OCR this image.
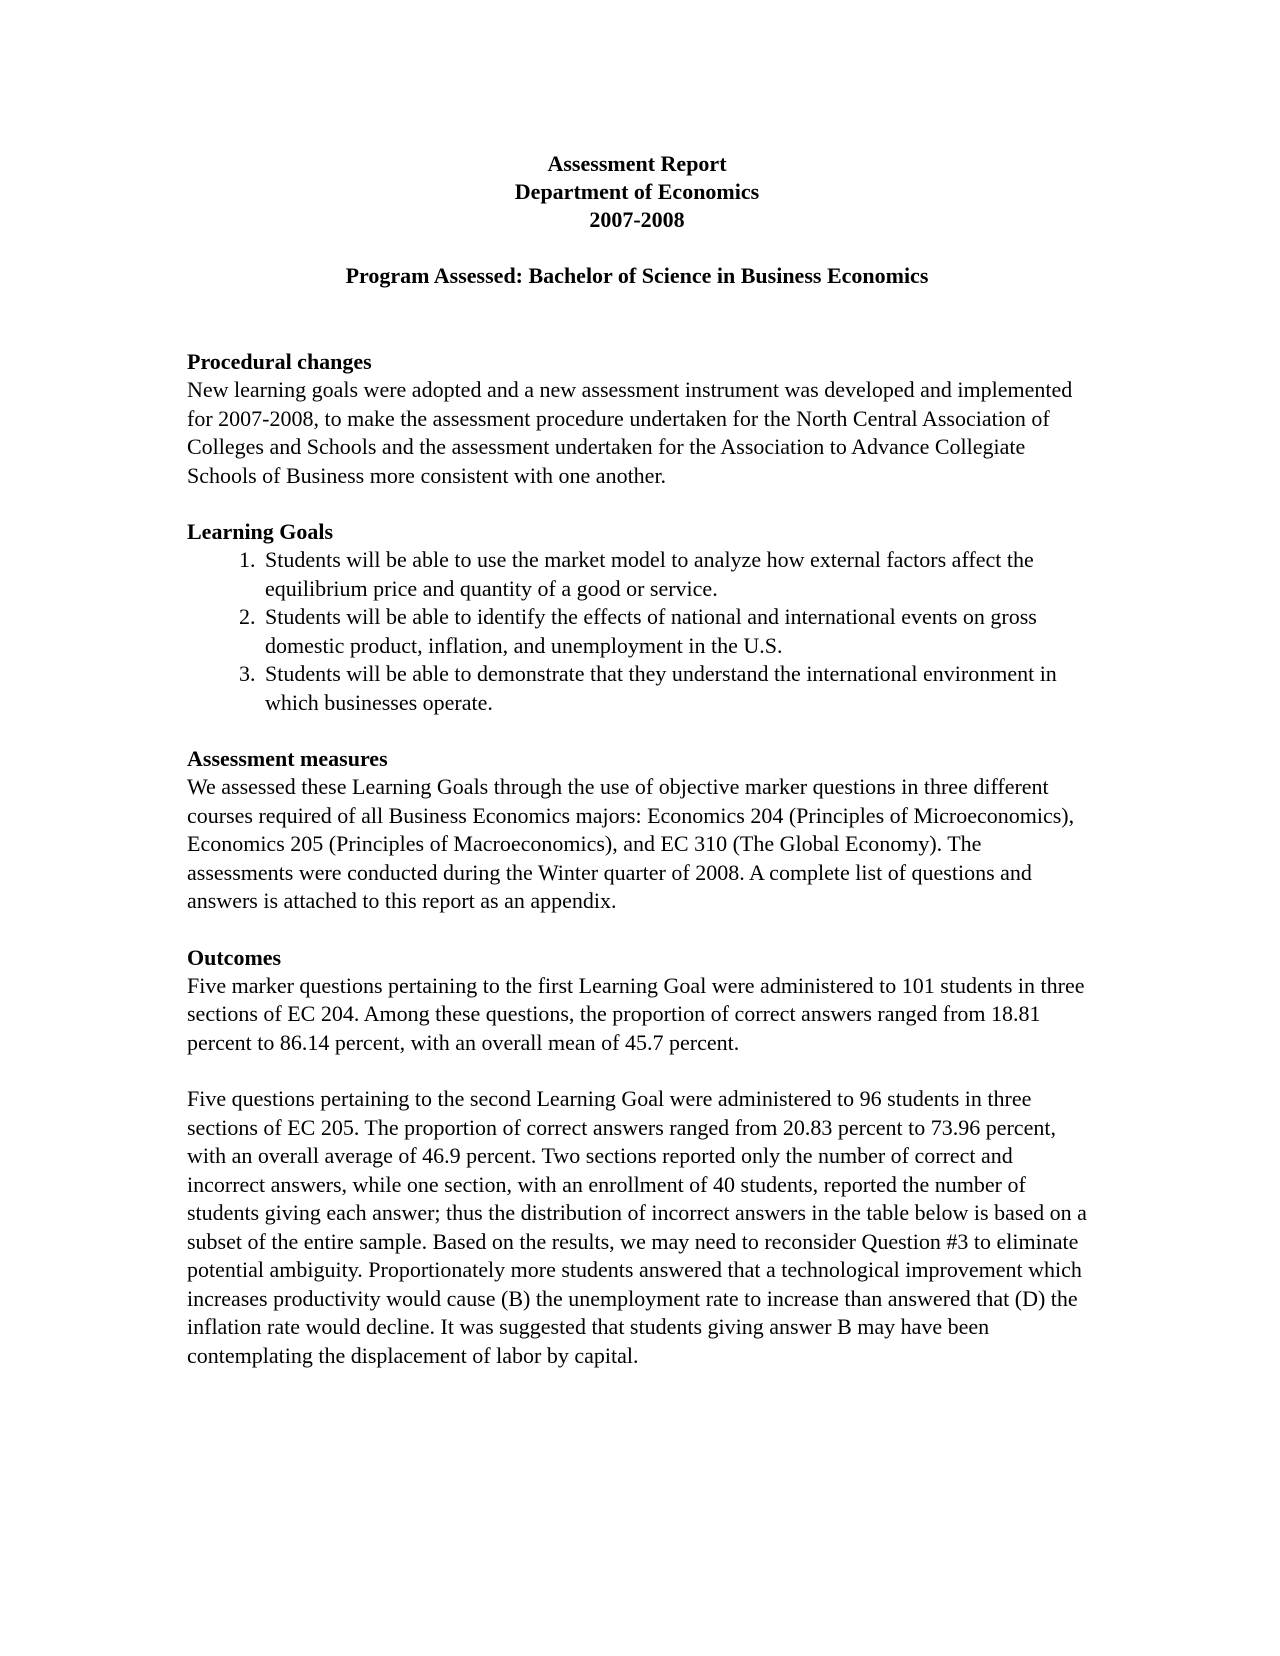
Assessment Report
Department of Economics
2007-2008
Program Assessed: Bachelor of Science in Business Economics
Procedural changes

New learning goals were adopted and a new assessment instrument was developed and implemented for 2007-2008, to make the assessment procedure undertaken for the North Central Association of Colleges and Schools and the assessment undertaken for the Association to Advance Collegiate Schools of Business more consistent with one another.

Learning Goals
1. Students will be able to use the market model to analyze how external factors affect the equilibrium price and quantity of a good or service.
2. Students will be able to identify the effects of national and international events on gross domestic product, inflation, and unemployment in the U.S.
3. Students will be able to demonstrate that they understand the international environment in which businesses operate.
Assessment measures

We assessed these Learning Goals through the use of objective marker questions in three different courses required of all Business Economics majors: Economics 204 (Principles of Microeconomics), Economics 205 (Principles of Macroeconomics), and EC 310 (The Global Economy). The assessments were conducted during the Winter quarter of 2008. A complete list of questions and answers is attached to this report as an appendix.

Outcomes

Five marker questions pertaining to the first Learning Goal were administered to 101 students in three sections of EC 204. Among these questions, the proportion of correct answers ranged from 18.81 percent to 86.14 percent, with an overall mean of 45.7 percent.

Five questions pertaining to the second Learning Goal were administered to 96 students in three sections of EC 205. The proportion of correct answers ranged from 20.83 percent to 73.96 percent, with an overall average of 46.9 percent. Two sections reported only the number of correct and incorrect answers, while one section, with an enrollment of 40 students, reported the number of students giving each answer; thus the distribution of incorrect answers in the table below is based on a subset of the entire sample. Based on the results, we may need to reconsider Question #3 to eliminate potential ambiguity. Proportionately more students answered that a technological improvement which increases productivity would cause (B) the unemployment rate to increase than answered that (D) the inflation rate would decline. It was suggested that students giving answer B may have been contemplating the displacement of labor by capital.
